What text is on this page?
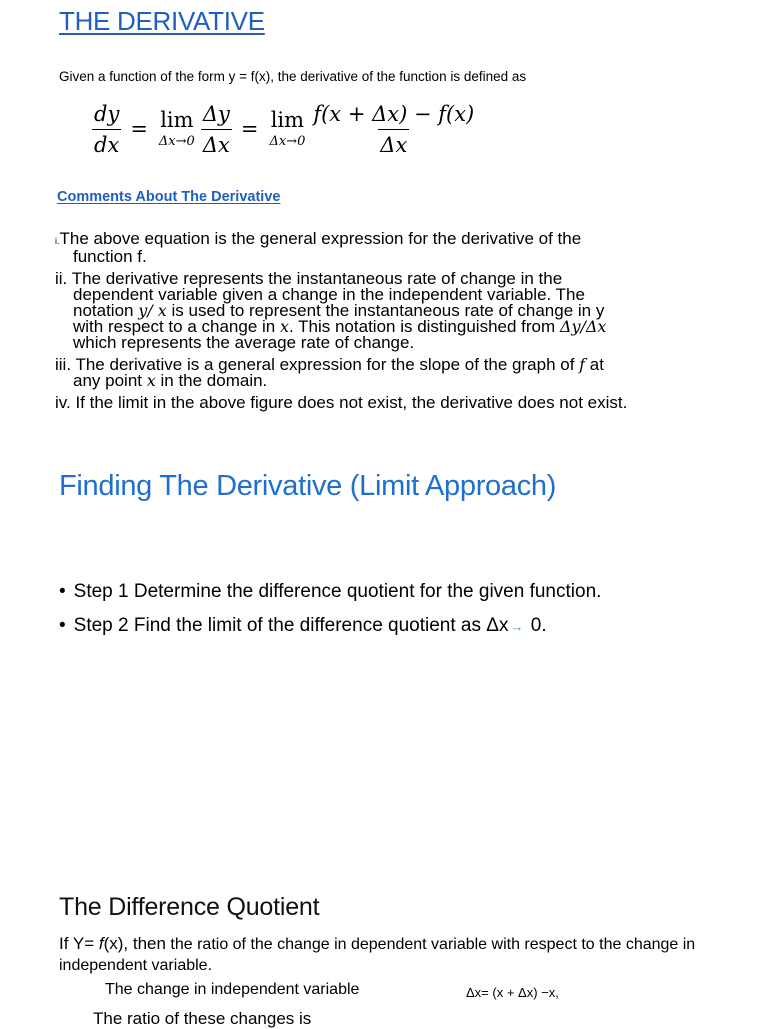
THE DERIVATIVE
Given a function of the form y = f(x), the derivative of the function is defined as
$\frac{dy}{dx} = \lim$
$\Delta x\to 0 \frac{\Delta y}{\Delta x} = \lim$
$\Delta x\to 0 \frac{f(x + \Delta x) - f(x)}{\Delta x}$
Comments About The Derivative
i.The above equation is the general expression for the derivative of the
function f.
ii. The derivative represents the instantaneous rate of change in the
dependent variable given a change in the independent variable. The
notation y/ x is used to represent the instantaneous rate of change in y
with respect to a change in x. This notation is distinguished from Δy/Δx
which represents the average rate of change.
iii. The derivative is a general expression for the slope of the graph of f at
any point x in the domain.
iv. If the limit in the above figure does not exist, the derivative does not exist.
Finding The Derivative (Limit Approach)
• Step 1 Determine the difference quotient for the given function.
• Step 2 Find the limit of the difference quotient as Δx → 0.
The Difference Quotient
If Y= f(x), then the ratio of the change in dependent variable with respect to the change in independent variable.
The change in independent variable	Δx= (x + Δx) −x,
The ratio of these changes is
